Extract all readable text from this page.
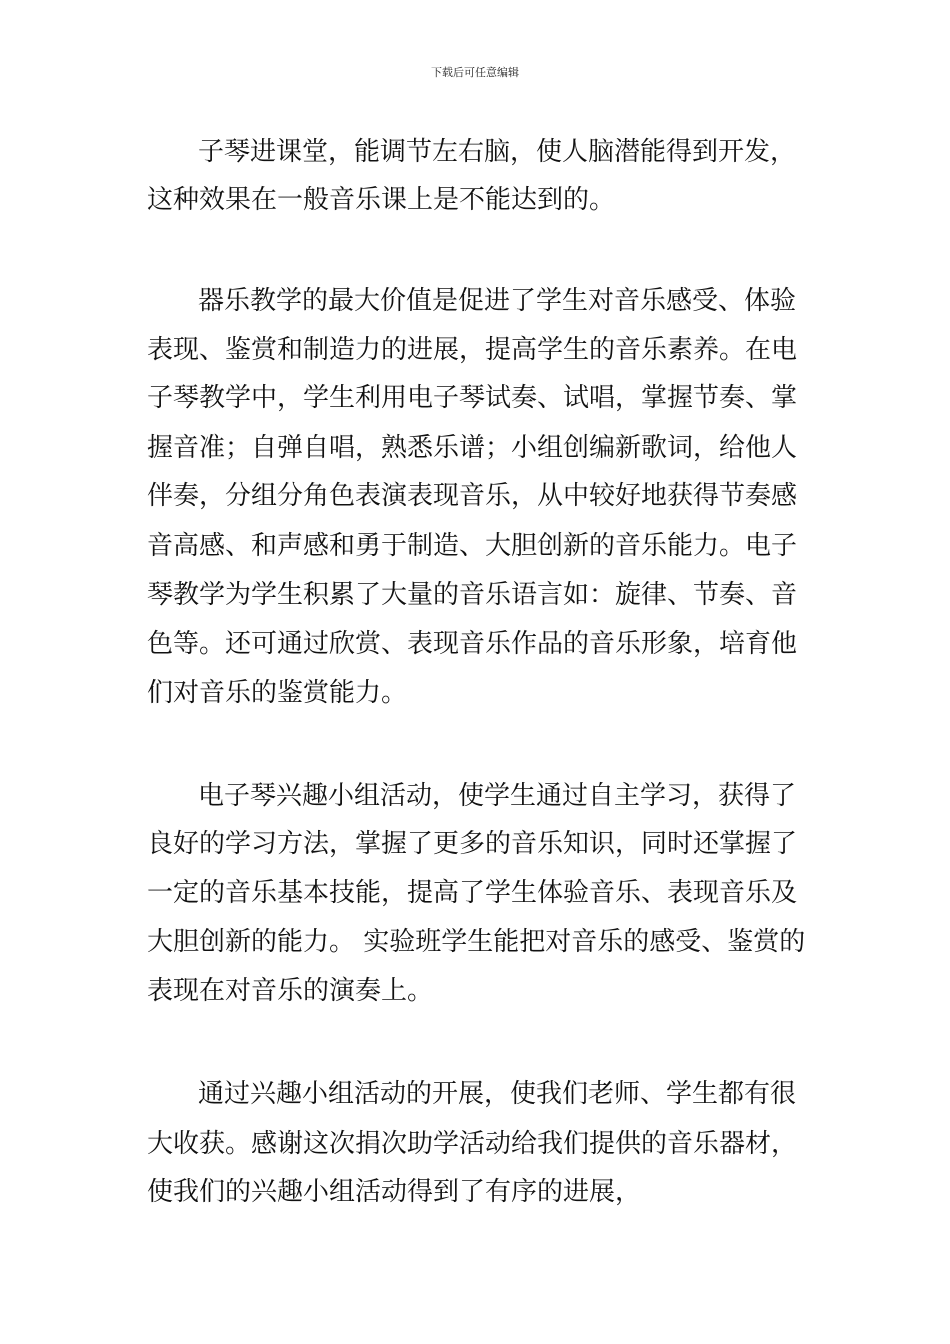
下载后可任意编辑
子琴进课堂，能调节左右脑，使人脑潜能得到开发，
这种效果在一般音乐课上是不能达到的。
器乐教学的最大价值是促进了学生对音乐感受、体验
表现、鉴赏和制造力的进展，提高学生的音乐素养。在电
子琴教学中，学生利用电子琴试奏、试唱，掌握节奏、掌
握音准；自弹自唱，熟悉乐谱；小组创编新歌词，给他人
伴奏，分组分角色表演表现音乐，从中较好地获得节奏感
音高感、和声感和勇于制造、大胆创新的音乐能力。电子
琴教学为学生积累了大量的音乐语言如：旋律、节奏、音
色等。还可通过欣赏、表现音乐作品的音乐形象，培育他
们对音乐的鉴赏能力。
电子琴兴趣小组活动，使学生通过自主学习，获得了
良好的学习方法，掌握了更多的音乐知识，同时还掌握了
一定的音乐基本技能，提高了学生体验音乐、表现音乐及
大胆创新的能力。 实验班学生能把对音乐的感受、鉴赏的
表现在对音乐的演奏上。
通过兴趣小组活动的开展，使我们老师、学生都有很
大收获。感谢这次捐次助学活动给我们提供的音乐器材，
使我们的兴趣小组活动得到了有序的进展，
